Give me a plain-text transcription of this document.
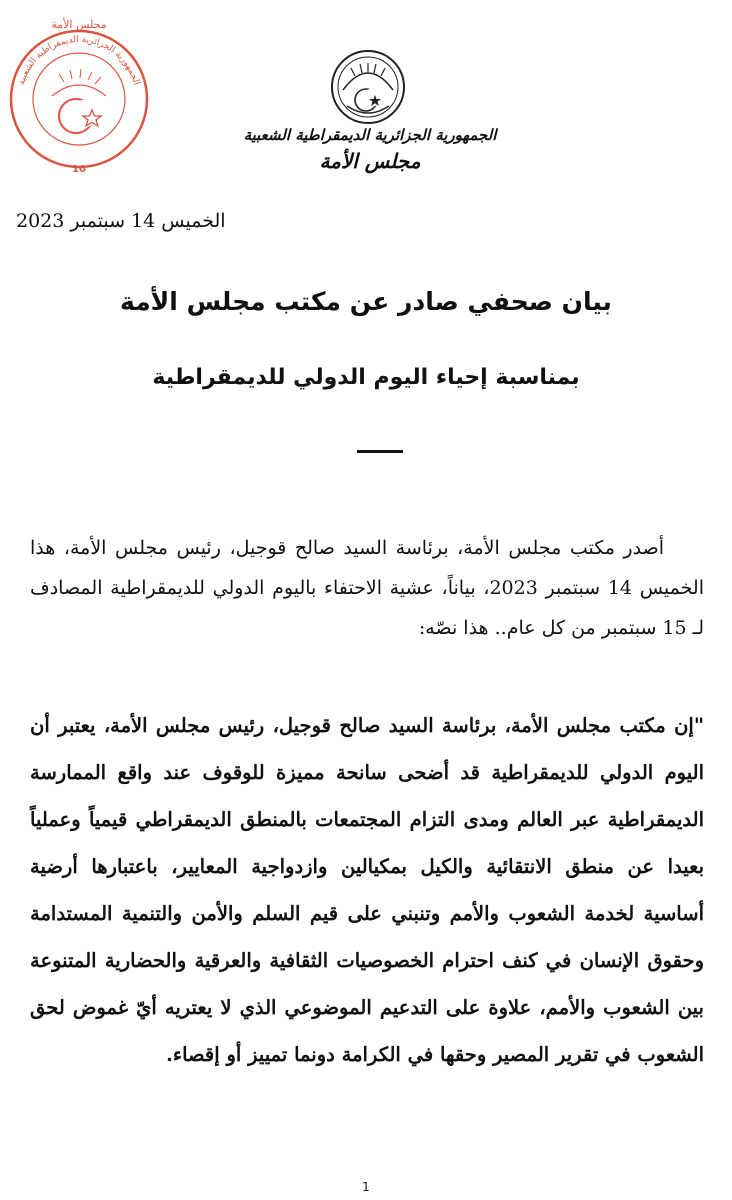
الجمهورية الجزائرية الديمقراطية الشعبية
مجلس الأمة
10
الجمهورية الجزائرية الديمقراطية الشعبية
مجلس الأمة
الخميس 14 سبتمبر 2023
بيان صحفي صادر عن مكتب مجلس الأمة
بمناسبة إحياء اليوم الدولي للديمقراطية

أصدر مكتب مجلس الأمة، برئاسة السيد صالح قوجيل، رئيس مجلس الأمة، هذا الخميس 14 سبتمبر 2023، بياناً، عشية الاحتفاء باليوم الدولي للديمقراطية المصادف لـ 15 سبتمبر من كل عام.. هذا نصّه:

"إن مكتب مجلس الأمة، برئاسة السيد صالح قوجيل، رئيس مجلس الأمة، يعتبر أن اليوم الدولي للديمقراطية قد أضحى سانحة مميزة للوقوف عند واقع الممارسة الديمقراطية عبر العالم ومدى التزام المجتمعات بالمنطق الديمقراطي قيمياً وعملياً بعيدا عن منطق الانتقائية والكيل بمكيالين وازدواجية المعايير، باعتبارها أرضية أساسية لخدمة الشعوب والأمم وتنبني على قيم السلم والأمن والتنمية المستدامة وحقوق الإنسان في كنف احترام الخصوصيات الثقافية والعرقية والحضارية المتنوعة بين الشعوب والأمم، علاوة على التدعيم الموضوعي الذي لا يعتريه أيّ غموض لحق الشعوب في تقرير المصير وحقها في الكرامة دونما تمييز أو إقصاء.

1
